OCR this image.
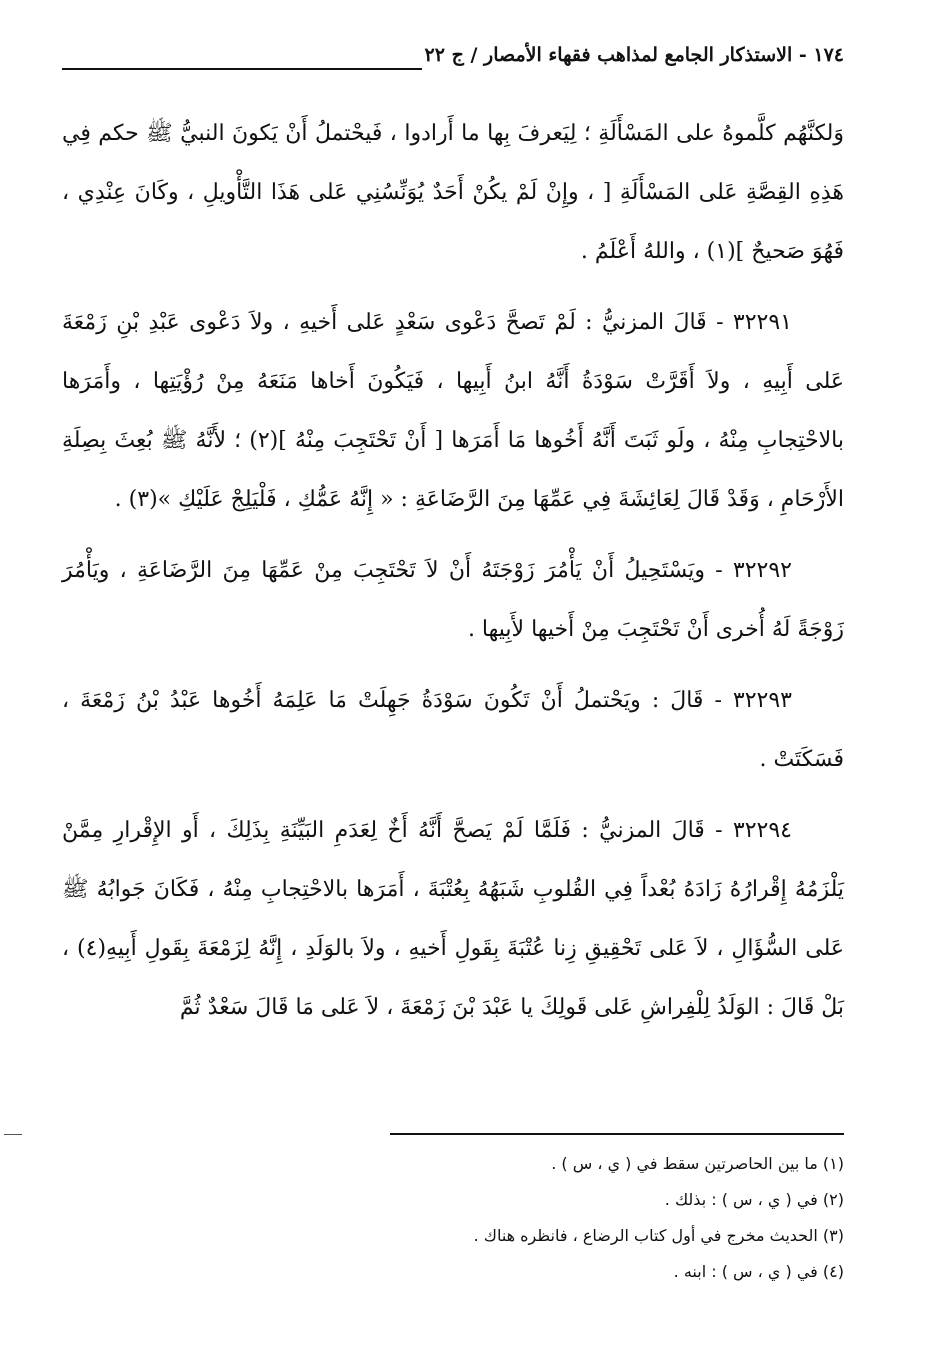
١٧٤ - الاستذكار الجامع لمذاهب فقهاء الأمصار / ج ٢٢

وَلكنَّهُم كلَّموهُ على المَسْأَلَةِ ؛ لِيَعرفَ بِها ما أَرادوا ، فَيحْتملُ أَنْ يَكونَ النبيُّ ﷺ حكم فِي هَذِهِ القِصَّةِ عَلى المَسْأَلَةِ [ ، وإِنْ لَمْ يكُنْ أَحَدٌ يُوَنِّسُنِي عَلى هَذَا التَّأْويلِ ، وكَانَ عِنْدِي ، فَهُوَ صَحيحٌ ](١) ، واللهُ أَعْلَمُ .

٣٢٢٩١ - قَالَ المزنيُّ : لَمْ تَصحَّ دَعْوى سَعْدٍ عَلى أَخيهِ ، ولاَ دَعْوى عَبْدِ بْنِ زَمْعَةَ عَلى أَبِيهِ ، ولاَ أَقَرَّتْ سَوْدَةُ أَنَّهُ ابنُ أَبِيها ، فَيَكُونَ أَخاها مَنَعَهُ مِنْ رُؤْيَتِها ، وأَمَرَها بالاحْتِجابِ مِنْهُ ، ولَو ثَبَتَ أَنَّهُ أَخُوها مَا أَمَرَها [ أَنْ تَحْتَجِبَ مِنْهُ ](٢) ؛ لأَنَّهُ ﷺ بُعِثَ بِصِلَةِ الأَرْحَامِ ، وَقَدْ قَالَ لِعَائِشَةَ فِي عَمِّهَا مِنَ الرَّضَاعَةِ : « إِنَّهُ عَمُّكِ ، فَلْيَلِجْ عَلَيْكِ »(٣) .

٣٢٢٩٢ - ويَسْتَحِيلُ أَنْ يَأْمُرَ زَوْجَتَهُ أَنْ لاَ تَحْتَجِبَ مِنْ عَمِّهَا مِنَ الرَّضَاعَةِ ، ويَأْمُرَ زَوْجَةً لَهُ أُخرى أَنْ تَحْتَجِبَ مِنْ أَخيها لأَبِيها .

٣٢٢٩٣ - قَالَ : ويَحْتملُ أَنْ تَكُونَ سَوْدَةُ جَهِلَتْ مَا عَلِمَهُ أَخُوها عَبْدُ بْنُ زَمْعَةَ ، فَسَكَتَتْ .

٣٢٢٩٤ - قَالَ المزنيُّ : فَلَمَّا لَمْ يَصحَّ أَنَّهُ أَخٌ لِعَدَمِ البَيِّنَةِ بِذَلِكَ ، أَو الإِقْرارِ مِمَّنْ يَلْزَمُهُ إِقْرارُهُ زَادَهُ بُعْداً فِي القُلوبِ شَبَهُهُ بِعُتْبَةَ ، أَمَرَها بالاحْتِجابِ مِنْهُ ، فَكَانَ جَوابُهُ ﷺ عَلى السُّؤَالِ ، لاَ عَلى تَحْقِيقِ زِنا عُتْبَةَ بِقَولِ أَخيهِ ، ولاَ بالوَلَدِ ، إِنَّهُ لِزَمْعَةَ بِقَولِ أَبِيهِ(٤) ، بَلْ قَالَ : الوَلَدُ لِلْفِراشِ عَلى قَولِكَ يا عَبْدَ بْنَ زَمْعَةَ ، لاَ عَلى مَا قَالَ سَعْدٌ ثُمَّ

(١) ما بين الحاصرتين سقط في ( ي ، س ) .

(٢) في ( ي ، س ) : بذلك .

(٣) الحديث مخرج في أول كتاب الرضاع ، فانظره هناك .

(٤) في ( ي ، س ) : ابنه .
